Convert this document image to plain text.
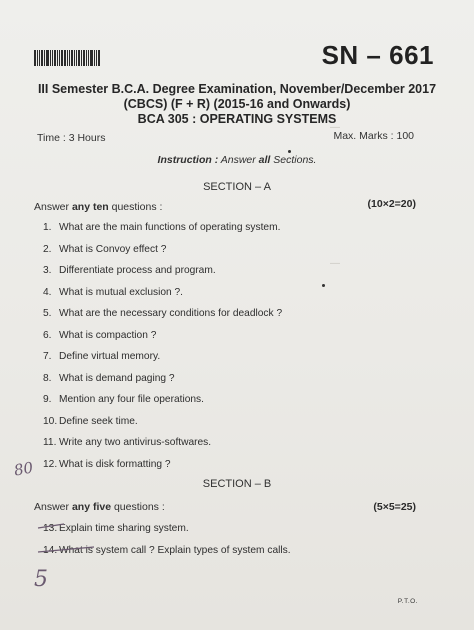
—
—
SN – 661
III Semester B.C.A. Degree Examination, November/December 2017
(CBCS) (F + R) (2015-16 and Onwards)
BCA 305 : OPERATING SYSTEMS
Time : 3 Hours	Max. Marks : 100
Instruction : Answer all Sections.
SECTION – A
Answer any ten questions :	(10×2=20)
1. What are the main functions of operating system.
2. What is Convoy effect ?
3. Differentiate process and program.
4. What is mutual exclusion ?.
5. What are the necessary conditions for deadlock ?
6. What is compaction ?
7. Define virtual memory.
8. What is demand paging ?
9. Mention any four file operations.
10. Define seek time.
11. Write any two antivirus-softwares.
12. What is disk formatting ?
SECTION – B
Answer any five questions :	(5×5=25)
13. Explain time sharing system.
14. What is system call ? Explain types of system calls.
80
5
P.T.O.
